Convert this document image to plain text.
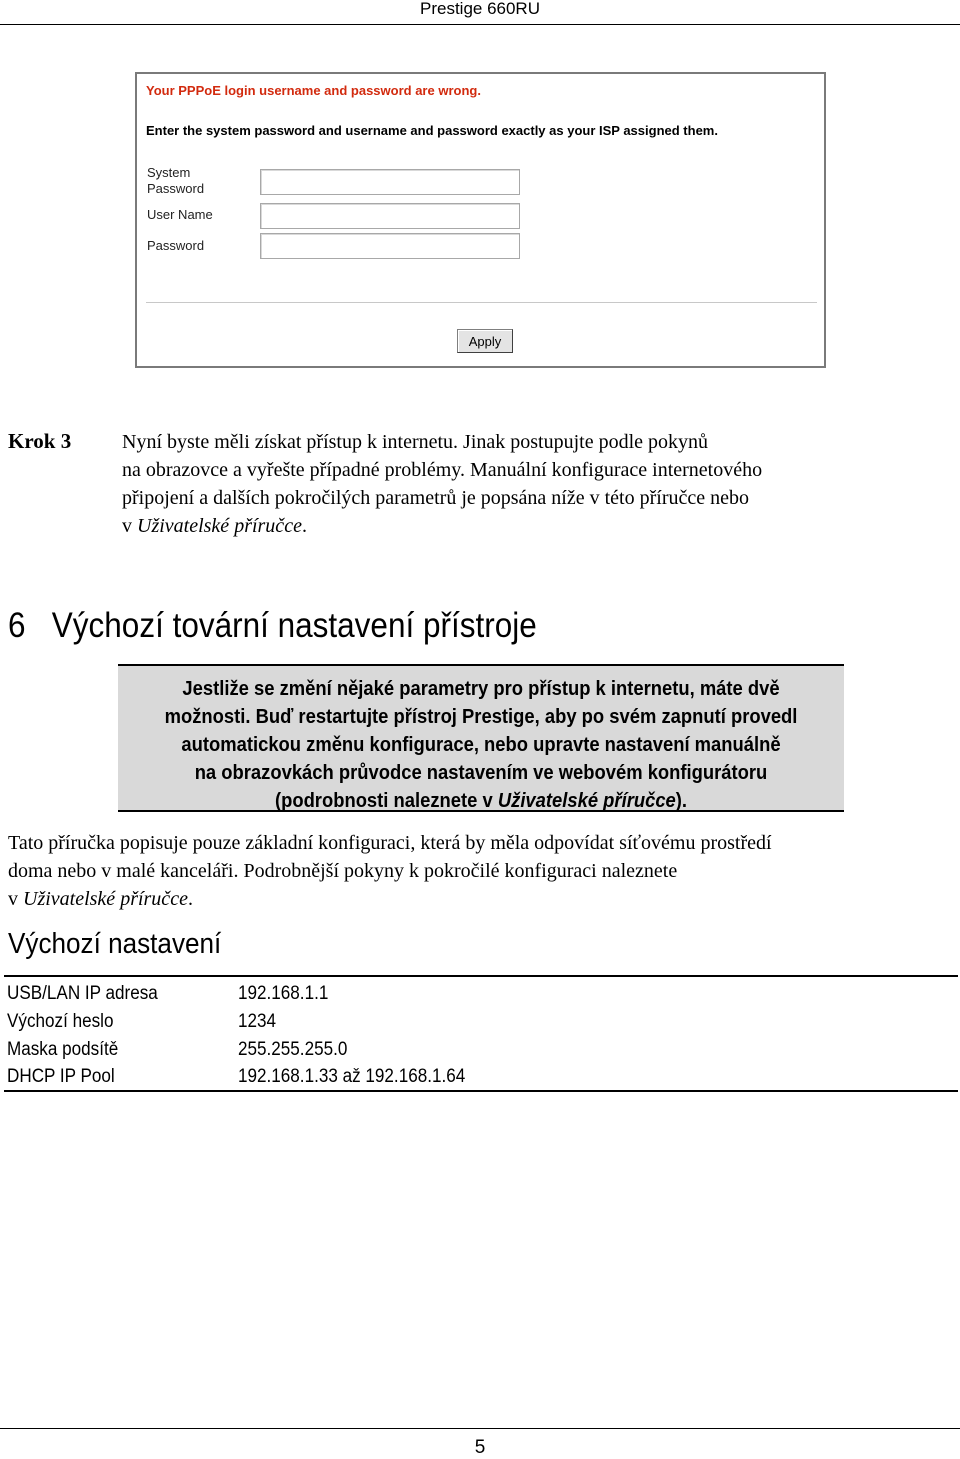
Prestige 660RU
Your PPPoE login username and password are wrong.
Enter the system password and username and password exactly as your ISP assigned them.
System
Password
User Name
Password
Apply
Krok 3	Nyní byste měli získat přístup k internetu. Jinak postupujte podle pokynů

na obrazovce a vyřešte případné problémy. Manuální konfigurace internetového

připojení a dalších pokročilých parametrů je popsána níže v této příručce nebo

v Uživatelské příručce.

6   Výchozí tovární nastavení přístroje
Jestliže se změní nějaké parametry pro přístup k internetu, máte dvě
možnosti. Buď restartujte přístroj Prestige, aby po svém zapnutí provedl
automatickou změnu konfigurace, nebo upravte nastavení manuálně
na obrazovkách průvodce nastavením ve webovém konfigurátoru
(podrobnosti naleznete v Uživatelské příručce).

Tato příručka popisuje pouze základní konfiguraci, která by měla odpovídat síťovému prostředí

doma nebo v malé kanceláři. Podrobnější pokyny k pokročilé konfiguraci naleznete

v Uživatelské příručce.

Výchozí nastavení
USB/LAN IP adresa	192.168.1.1
Výchozí heslo	1234
Maska podsítě	255.255.255.0
DHCP IP Pool	192.168.1.33 až 192.168.1.64
5
